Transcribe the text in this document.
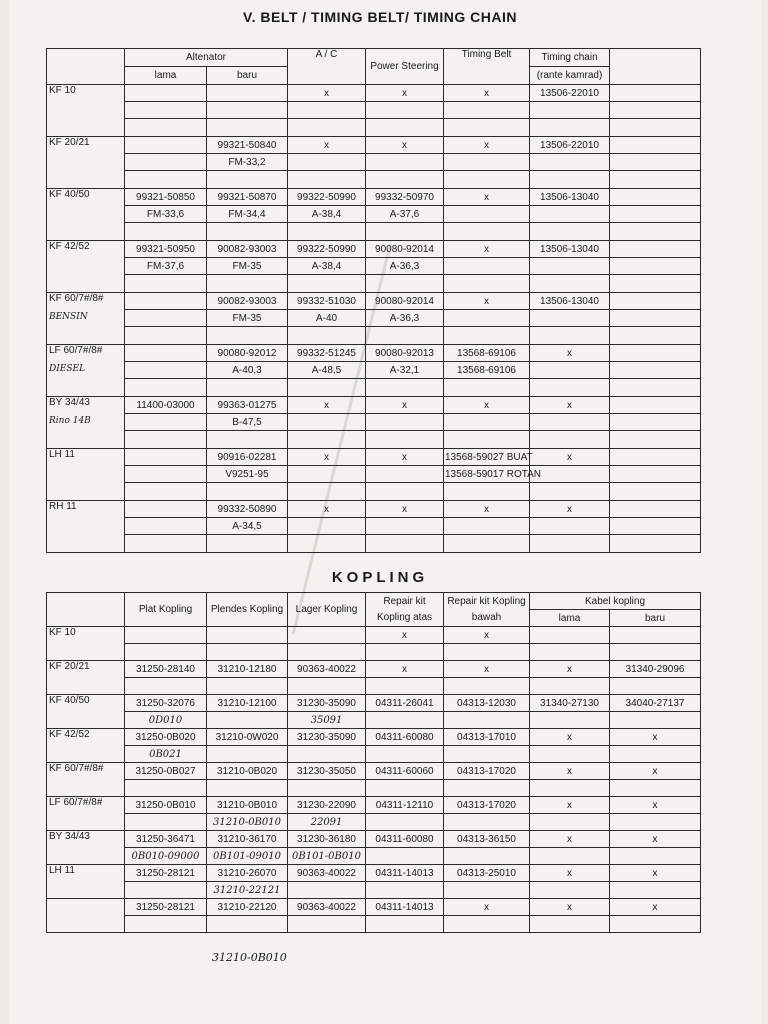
V. BELT / TIMING BELT/ TIMING CHAIN
	Altenator		A / C	Power Steering	Timing Belt	Timing chain	
	lama	baru				(rante kamrad)	
KF 10			x	x	x	13506-22010	

KF 20/21		99321-50840	x	x	x	13506-22010	
		FM-33,2					

KF 40/50	99321-50850	99321-50870	99322-50990	99332-50970	x	13506-13040	
	FM-33,6	FM-34,4	A-38,4	A-37,6			

KF 42/52	99321-50950	90082-93003	99322-50990	90080-92014	x	13506-13040	
	FM-37,6	FM-35	A-38,4	A-36,3			

KF 60/7#/8#
BENSIN		90082-93003	99332-51030	90080-92014	x	13506-13040	
		FM-35	A-40	A-36,3			

LF 60/7#/8#
DIESEL		90080-92012	99332-51245	90080-92013	13568-69106	x	
		A-40,3	A-48,5	A-32,1	13568-69106		

BY 34/43
Rino 14B	11400-03000	99363-01275	x	x	x	x	
		B-47,5					

LH 11		90916-02281	x	x	13568-59027 BUAT	x	
		V9251-95			13568-59017 ROTAN		

RH 11		99332-50890	x	x	x	x	
		A-34,5					

KOPLING
	Plat Kopling	Plendes Kopling	Lager Kopling	Repair kit Kopling atas	Repair kit Kopling bawah	Kabel kopling	
						lama	baru
KF 10				x	x		

KF 20/21	31250-28140	31210-12180	90363-40022	x	x	x	31340-29096

KF 40/50	31250-32076	31210-12100	31230-35090	04311-26041	04313-12030	31340-27130	34040-27137
	0D010		35091				
KF 42/52	31250-0B020	31210-0W020	31230-35090	04311-60080	04313-17010	x	x
	0B021						
KF 60/7#/8#	31250-0B027	31210-0B020	31230-35050	04311-60060	04313-17020	x	x

LF 60/7#/8#	31250-0B010	31210-0B010	31230-22090	04311-12110	04313-17020	x	x
		31210-0B010	22091				
BY 34/43	31250-36471	31210-36170	31230-36180	04311-60080	04313-36150	x	x
	0B010-09000	0B101-09010	0B101-0B010				
LH 11	31250-28121	31210-26070	90363-40022	04311-14013	04313-25010	x	x
		31210-22121					
	31250-28121	31210-22120	90363-40022	04311-14013	x	x	x

31210-0B010
